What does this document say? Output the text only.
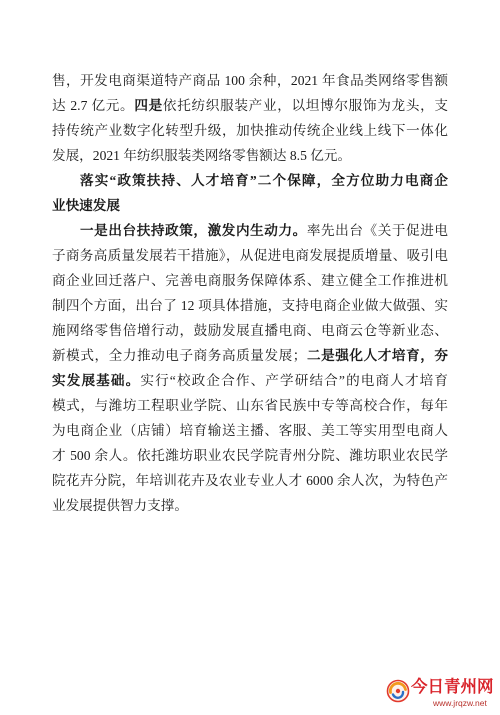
售，开发电商渠道特产商品 100 余种，2021 年食品类网络零售额
达 2.7 亿元。四是依托纺织服装产业，以坦博尔服饰为龙头，支
持传统产业数字化转型升级，加快推动传统企业线上线下一体化
发展，2021 年纺织服装类网络零售额达 8.5 亿元。
落实“政策扶持、人才培育”二个保障，全方位助力电商企
业快速发展
一是出台扶持政策，激发内生动力。率先出台《关于促进电
子商务高质量发展若干措施》，从促进电商发展提质增量、吸引电
商企业回迁落户、完善电商服务保障体系、建立健全工作推进机
制四个方面，出台了 12 项具体措施，支持电商企业做大做强、实
施网络零售倍增行动，鼓励发展直播电商、电商云仓等新业态、
新模式，全力推动电子商务高质量发展；二是强化人才培育，夯
实发展基础。实行“校政企合作、产学研结合”的电商人才培育
模式，与潍坊工程职业学院、山东省民族中专等高校合作，每年
为电商企业（店铺）培育输送主播、客服、美工等实用型电商人
才 500 余人。依托潍坊职业农民学院青州分院、潍坊职业农民学
院花卉分院，年培训花卉及农业专业人才 6000 余人次，为特色产
业发展提供智力支撑。
今日青州网
www.jrqzw.net
